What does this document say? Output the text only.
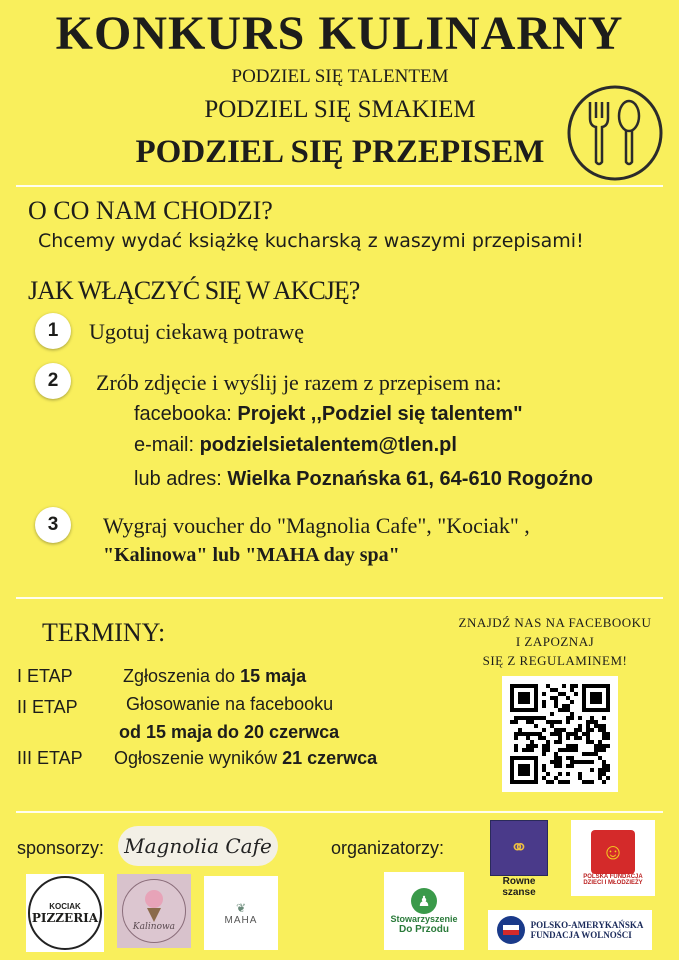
KONKURS KULINARNY
PODZIEL SIĘ TALENTEM
PODZIEL SIĘ SMAKIEM
PODZIEL SIĘ PRZEPISEM
O CO NAM CHODZI?
Chcemy wydać książkę kucharską z waszymi przepisami!
JAK WŁĄCZYĆ SIĘ W AKCJĘ?
1	Ugotuj ciekawą potrawę
2	Zrób zdjęcie i wyślij je razem z przepisem na:
facebooka: Projekt ,,Podziel się talentem"
e-mail: podzielsietalentem@tlen.pl
lub adres: Wielka Poznańska 61, 64-610 Rogoźno
3	Wygraj voucher do "Magnolia Cafe", "Kociak" ,
"Kalinowa" lub "MAHA day spa"
TERMINY:
I ETAP	Zgłoszenia do 15 maja
II ETAP	Głosowanie na facebooku
od 15 maja do 20 czerwca
III ETAP Ogłoszenie wyników 21 czerwca
ZNAJDŹ NAS NA FACEBOOKU
I ZAPOZNAJ
SIĘ Z REGULAMINEM!
sponsorzy:	organizatorzy:
Magnolia Cafe
KOCIAK
PIZZERIA
Kalinowa
❦
MAHA
♟
Stowarzyszenie
Do Przodu
⚭
Rowne
szanse
☺
POLSKA FUNDACJA
DZIECI I MŁODZIEŻY
POLSKO-AMERYKAŃSKA
FUNDACJA WOLNOŚCI
